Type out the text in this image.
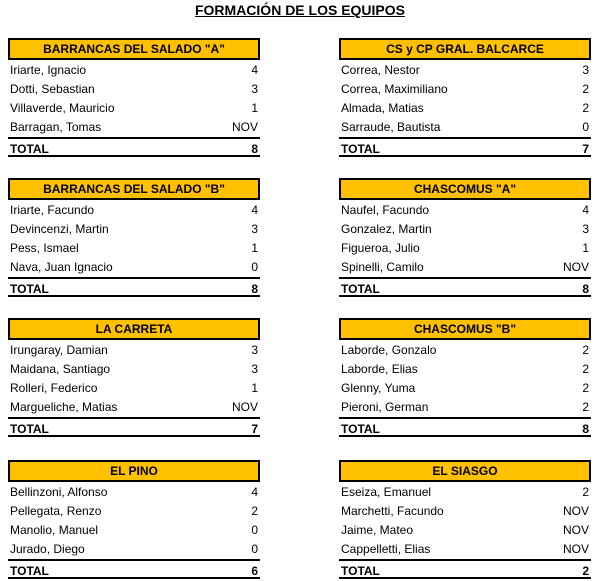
FORMACIÓN DE LOS EQUIPOS
BARRANCAS DEL SALADO "A"
Iriarte, Ignacio	4
Dotti, Sebastian	3
Villaverde, Mauricio	1
Barragan, Tomas	NOV
TOTAL	8
CS y CP GRAL. BALCARCE
Correa, Nestor	3
Correa, Maximiliano	2
Almada, Matias	2
Sarraude, Bautista	0
TOTAL	7
BARRANCAS DEL SALADO "B"
Iriarte, Facundo	4
Devincenzi, Martin	3
Pess, Ismael	1
Nava, Juan Ignacio	0
TOTAL	8
CHASCOMUS "A"
Naufel, Facundo	4
Gonzalez, Martin	3
Figueroa, Julio	1
Spinelli, Camilo	NOV
TOTAL	8
LA CARRETA
Irungaray, Damian	3
Maidana, Santiago	3
Rolleri, Federico	1
Margueliche, Matias	NOV
TOTAL	7
CHASCOMUS "B"
Laborde, Gonzalo	2
Laborde, Elias	2
Glenny, Yuma	2
Pieroni, German	2
TOTAL	8
EL PINO
Bellinzoni, Alfonso	4
Pellegata, Renzo	2
Manolio, Manuel	0
Jurado, Diego	0
TOTAL	6
EL SIASGO
Eseiza, Emanuel	2
Marchetti, Facundo	NOV
Jaime, Mateo	NOV
Cappelletti, Elias	NOV
TOTAL	2
